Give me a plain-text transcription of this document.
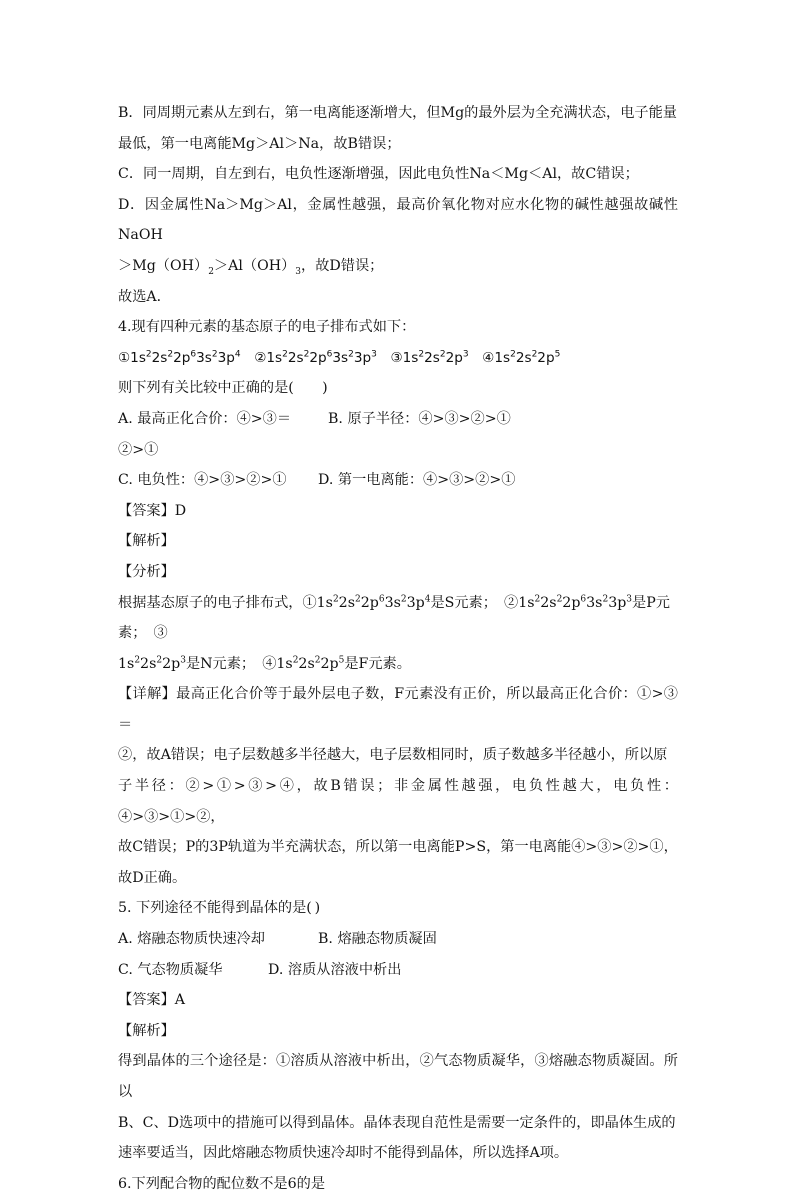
B．同周期元素从左到右，第一电离能逐渐增大，但Mg的最外层为全充满状态，电子能量

最低，第一电离能Mg＞Al＞Na，故B错误；

C．同一周期，自左到右，电负性逐渐增强，因此电负性Na＜Mg＜Al，故C错误；

D．因金属性Na＞Mg＞Al，金属性越强，最高价氧化物对应水化物的碱性越强故碱性NaOH

$>Mg(OH)_2>Al(OH)_3$，故D错误；

故选A．

4.现有四种元素的基态原子的电子排布式如下：

$①1s^22s^22p^63s^23p^4$　 $②1s^22s^22p^63s^23p^3$　 $③1s^22s^22p^3$　 $④1s^22s^22p^5$

则下列有关比较中正确的是(　　)

A. 最高正化合价：④>③＝②>①
B. 原子半径：④>③>②>①
C. 电负性：④>③>②>①	D. 第一电离能：④>③>②>①

【答案】D

【解析】

【分析】

根据基态原子的电子排布式，$①1s^22s^22p^63s^23p^4$是S元素；　$②1s^22s^22p^63s^23p^3$是P元素；　③

$1s^22s^22p^3$是N元素；　$④1s^22s^22p^5$是F元素。

【详解】最高正化合价等于最外层电子数，F元素没有正价，所以最高正化合价：①>③＝

②，故A错误；电子层数越多半径越大，电子层数相同时，质子数越多半径越小，所以原

子半径：②>①>③>④，故B错误；非金属性越强，电负性越大，电负性：④>③>①>②，

故C错误；P的3P轨道为半充满状态，所以第一电离能P>S，第一电离能④>③>②>①，

故D正确。

5. 下列途径不能得到晶体的是( )

A. 熔融态物质快速冷却	B. 熔融态物质凝固
C. 气态物质凝华	D. 溶质从溶液中析出

【答案】A

【解析】

得到晶体的三个途径是：①溶质从溶液中析出，②气态物质凝华，③熔融态物质凝固。所以

B、C、D选项中的措施可以得到晶体。晶体表现自范性是需要一定条件的，即晶体生成的

速率要适当，因此熔融态物质快速冷却时不能得到晶体，所以选择A项。

6.下列配合物的配位数不是6的是
